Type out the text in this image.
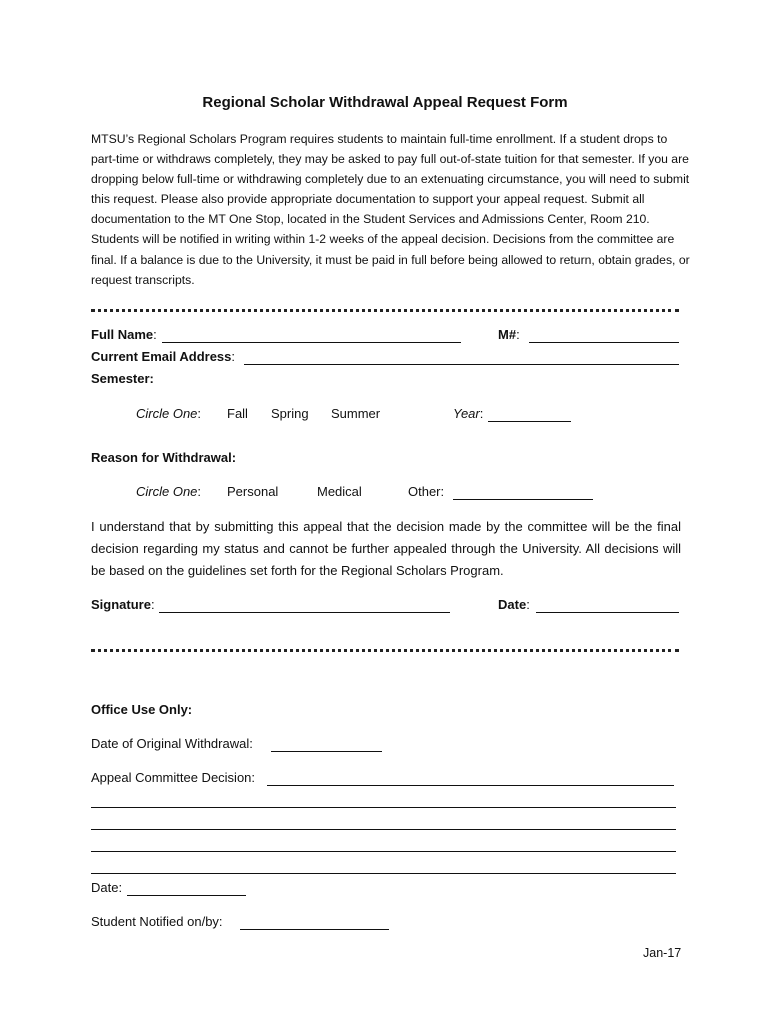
Regional Scholar Withdrawal Appeal Request Form
MTSU’s Regional Scholars Program requires students to maintain full-time enrollment. If a student drops to part-time or withdraws completely, they may be asked to pay full out-of-state tuition for that semester. If you are dropping below full-time or withdrawing completely due to an extenuating circumstance, you will need to submit this request. Please also provide appropriate documentation to support your appeal request. Submit all documentation to the MT One Stop, located in the Student Services and Admissions Center, Room 210. Students will be notified in writing within 1-2 weeks of the appeal decision. Decisions from the committee are final. If a balance is due to the University, it must be paid in full before being allowed to return, obtain grades, or request transcripts.
Full Name:	M#:
Current Email Address:
Semester:
Circle One: Fall Spring Summer	Year:
Reason for Withdrawal:
Circle One: Personal	Medical	Other:
I understand that by submitting this appeal that the decision made by the committee will be the final decision regarding my status and cannot be further appealed through the University. All decisions will be based on the guidelines set forth for the Regional Scholars Program.
Signature:	Date:
Office Use Only:
Date of Original Withdrawal:
Appeal Committee Decision:
Date:
Student Notified on/by:
Jan-17
